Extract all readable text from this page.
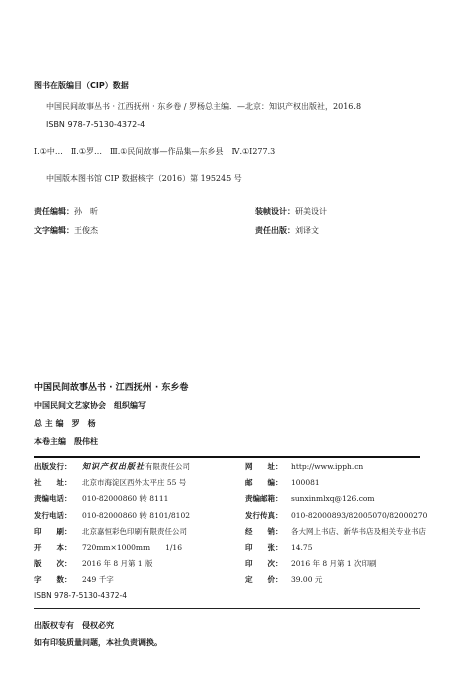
图书在版编目（CIP）数据
中国民间故事丛书 · 江西抚州 · 东乡卷 / 罗杨总主编．—北京：知识产权出版社，2016.8
ISBN 978-7-5130-4372-4
Ⅰ.①中…　Ⅱ.①罗…　Ⅲ.①民间故事—作品集—东乡县　Ⅳ.①I277.3
中国版本图书馆 CIP 数据核字（2016）第 195245 号
责任编辑：孙　昕	装帧设计：研美设计
文字编辑：王俊杰	责任出版：刘译文
中国民间故事丛书 · 江西抚州 · 东乡卷
中国民间文艺家协会　组织编写
总 主 编　罗　杨
本卷主编　殷伟柱
出版发行： 知识产权出版社有限责任公司
社　　址： 北京市海淀区西外太平庄 55 号
责编电话： 010-82000860 转 8111
发行电话： 010-82000860 转 8101/8102
印　　刷： 北京嘉恒彩色印刷有限责任公司
开　　本： 720mm×1000mm　　1/16
版　　次： 2016 年 8 月第 1 版
字　　数： 249 千字
ISBN 978-7-5130-4372-4
网　　址： http://www.ipph.cn
邮　　编： 100081
责编邮箱： sunxinmlxq@126.com
发行传真： 010-82000893/82005070/82000270
经　　销： 各大网上书店、新华书店及相关专业书店
印　　张： 14.75
印　　次： 2016 年 8 月第 1 次印刷
定　　价： 39.00 元
出版权专有　侵权必究
如有印装质量问题，本社负责调换。
